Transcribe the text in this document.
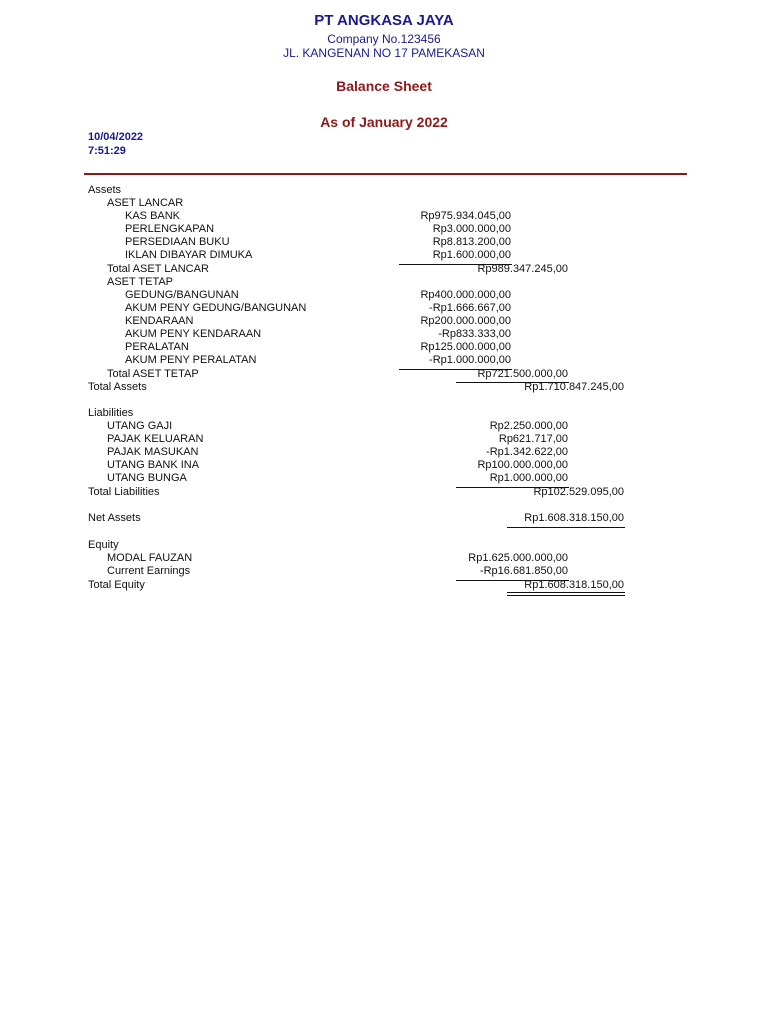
PT ANGKASA JAYA
Company No.123456
JL. KANGENAN NO 17 PAMEKASAN
Balance Sheet
As of January 2022
10/04/2022
7:51:29
Assets
ASET LANCAR
KAS BANK	Rp975.934.045,00
PERLENGKAPAN	Rp3.000.000,00
PERSEDIAAN BUKU	Rp8.813.200,00
IKLAN DIBAYAR DIMUKA	Rp1.600.000,00
Total ASET LANCAR	Rp989.347.245,00
ASET TETAP
GEDUNG/BANGUNAN	Rp400.000.000,00
AKUM PENY GEDUNG/BANGUNAN	-Rp1.666.667,00
KENDARAAN	Rp200.000.000,00
AKUM PENY KENDARAAN	-Rp833.333,00
PERALATAN	Rp125.000.000,00
AKUM PENY PERALATAN	-Rp1.000.000,00
Total ASET TETAP	Rp721.500.000,00
Total Assets	Rp1.710.847.245,00
Liabilities
UTANG GAJI	Rp2.250.000,00
PAJAK KELUARAN	Rp621.717,00
PAJAK MASUKAN	-Rp1.342.622,00
UTANG BANK INA	Rp100.000.000,00
UTANG BUNGA	Rp1.000.000,00
Total Liabilities	Rp102.529.095,00
Net Assets	Rp1.608.318.150,00
Equity
MODAL FAUZAN	Rp1.625.000.000,00
Current Earnings	-Rp16.681.850,00
Total Equity	Rp1.608.318.150,00
